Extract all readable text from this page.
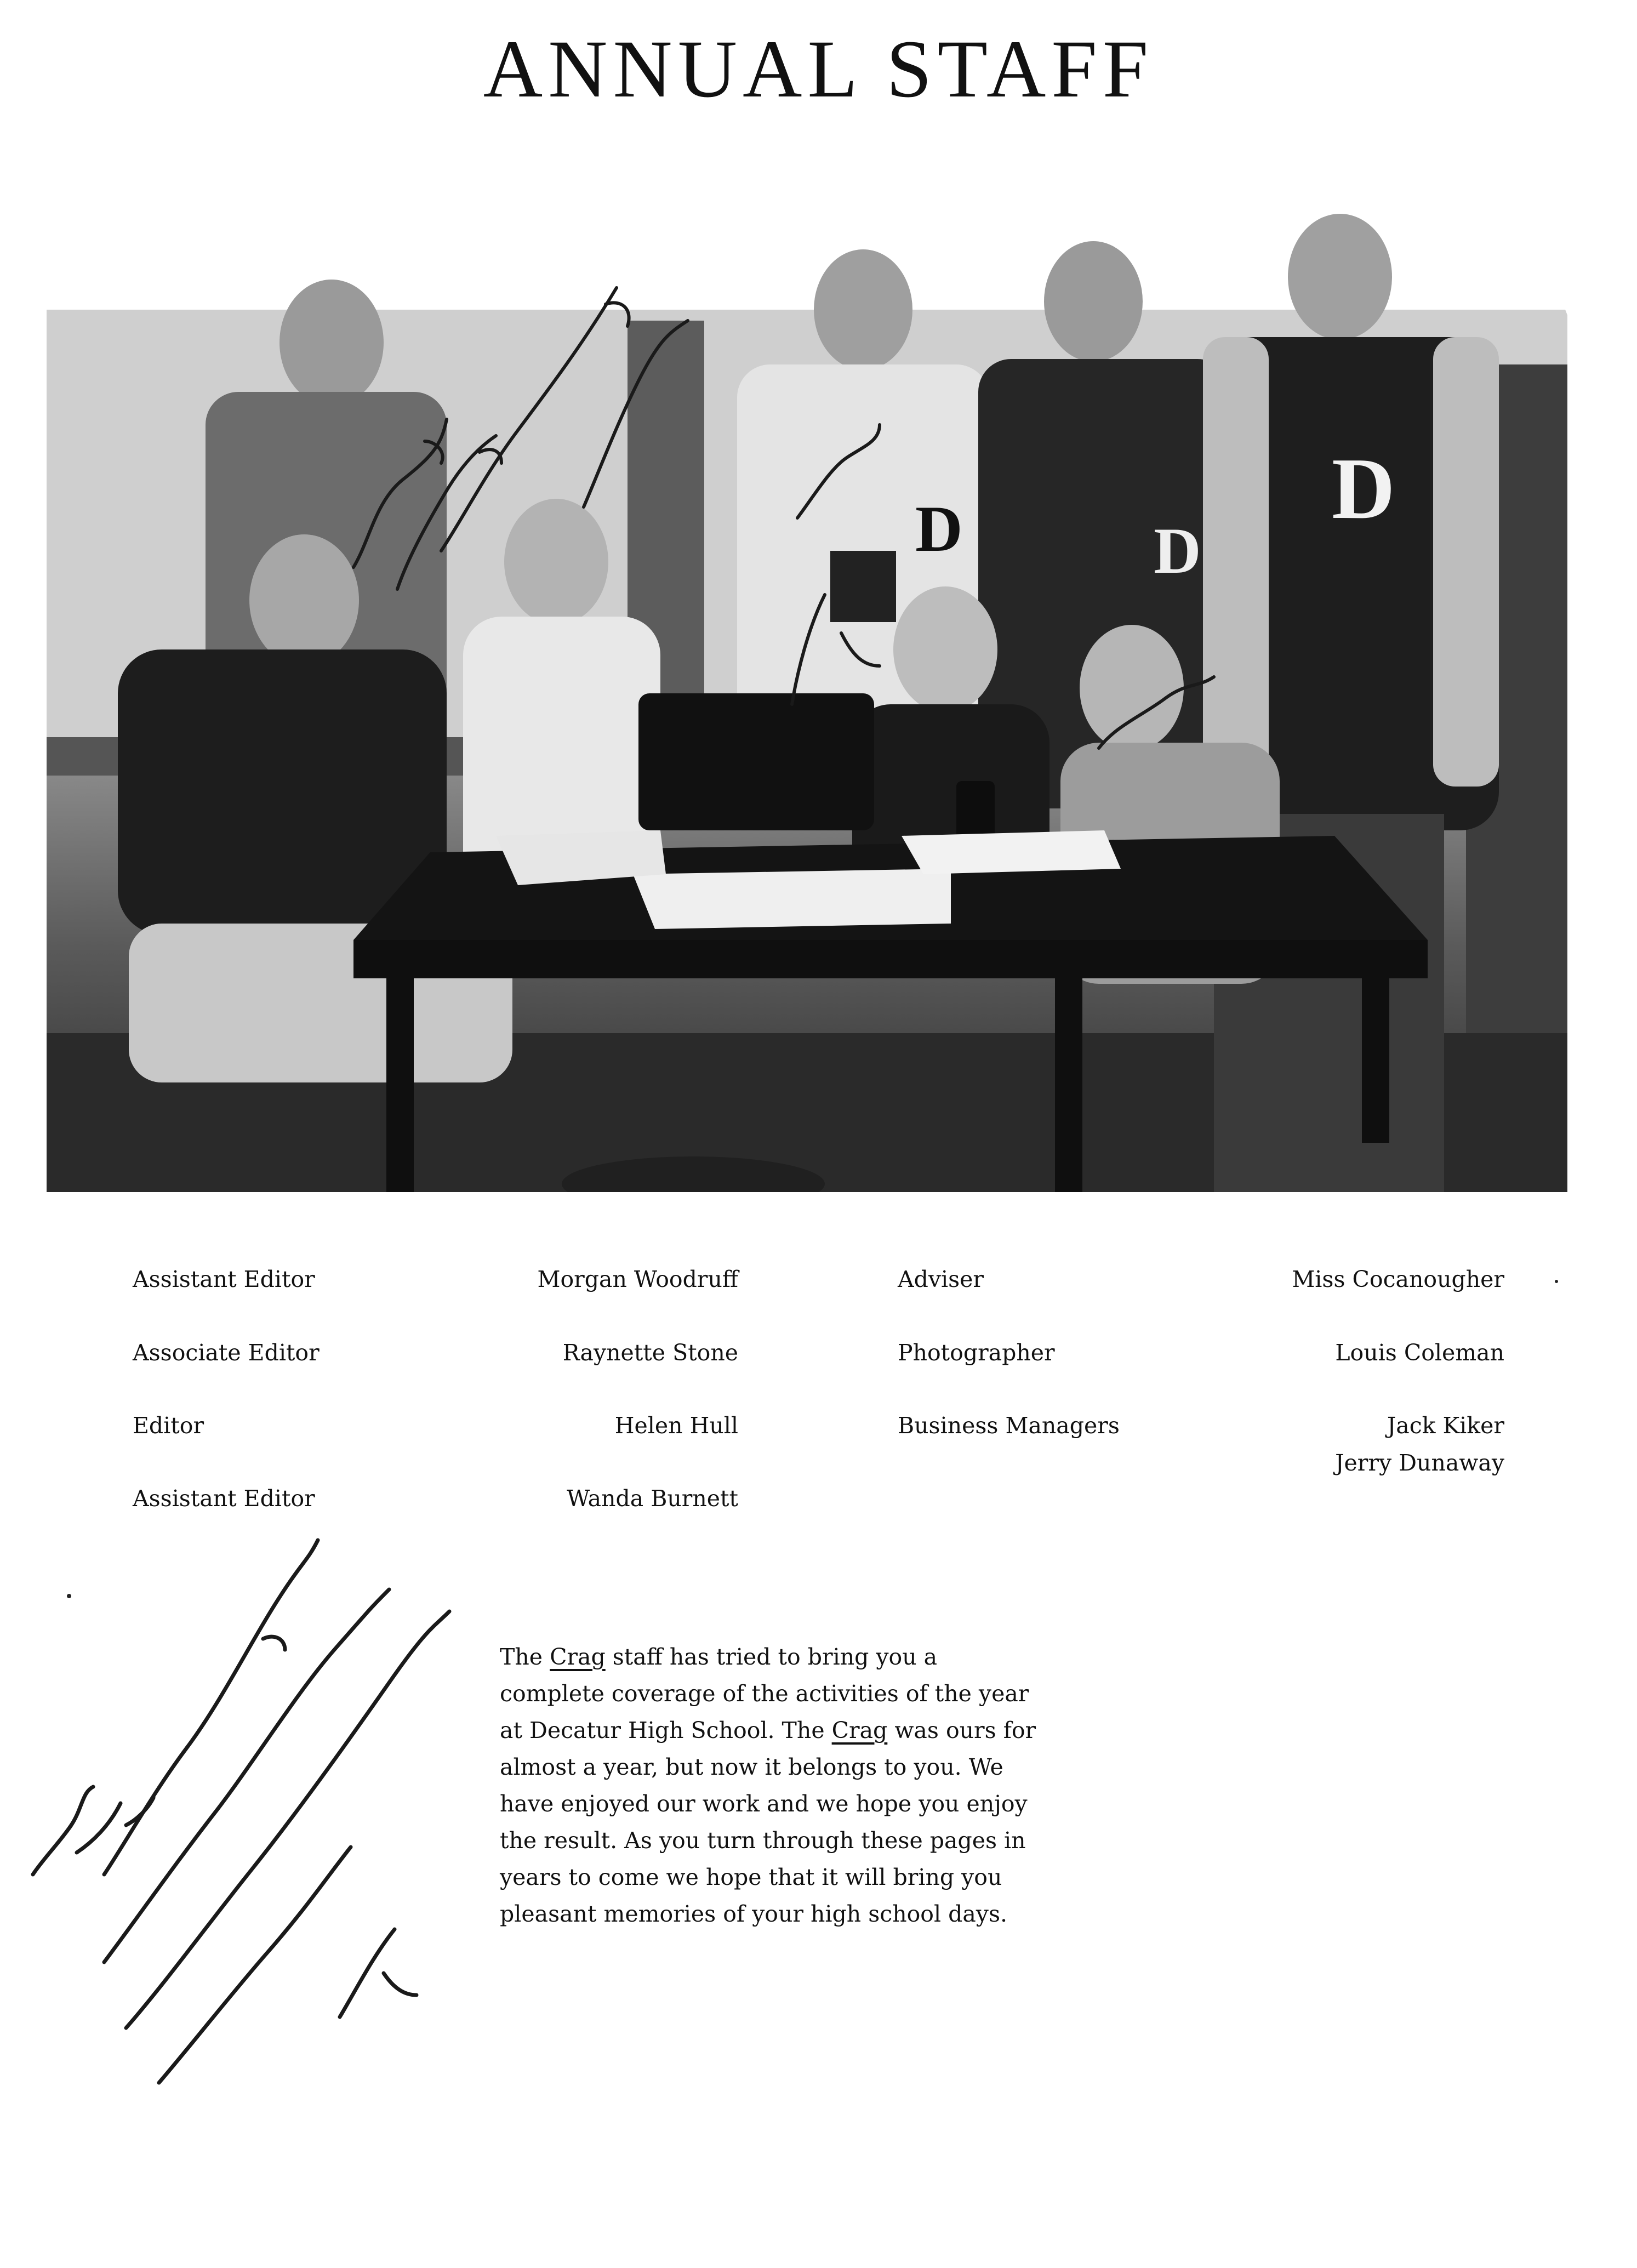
ANNUAL STAFF
D	D
D
Assistant Editor
Associate Editor
Editor
Assistant Editor
Morgan Woodruff
Raynette Stone
Helen Hull
Wanda Burnett
Adviser
Photographer
Business Managers
Miss Cocanougher
Louis Coleman
Jack Kiker
Jerry Dunaway
The Crag staff has tried to bring you a
complete coverage of the activities of the year
at Decatur High School. The Crag was ours for
almost a year, but now it belongs to you. We
have enjoyed our work and we hope you enjoy
the result. As you turn through these pages in
years to come we hope that it will bring you
pleasant memories of your high school days.
